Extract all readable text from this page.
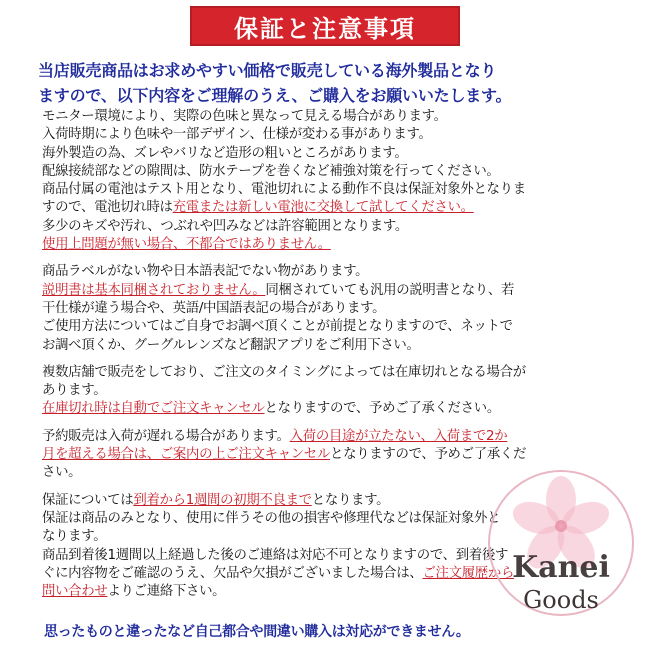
保証と注意事項
当店販売商品はお求めやすい価格で販売している海外製品となり
ますので、以下内容をご理解のうえ、ご購入をお願いいたします。
モニター環境により、実際の色味と異なって見える場合があります。
入荷時期により色味や一部デザイン、仕様が変わる事があります。
海外製造の為、ズレやバリなど造形の粗いところがあります。
配線接続部などの隙間は、防水テープを巻くなど補強対策を行ってください。
商品付属の電池はテスト用となり、電池切れによる動作不良は保証対象外となりま
すので、電池切れ時は充電または新しい電池に交換して試してください。
多少のキズや汚れ、つぶれや凹みなどは許容範囲となります。
使用上問題が無い場合、不都合ではありません。
商品ラベルがない物や日本語表記でない物があります。
説明書は基本同梱されておりません。同梱されていても汎用の説明書となり、若
干仕様が違う場合や、英語/中国語表記の場合があります。
ご使用方法についてはご自身でお調べ頂くことが前提となりますので、ネットで
お調べ頂くか、グーグルレンズなど翻訳アプリをご利用下さい。
複数店舗で販売をしており、ご注文のタイミングによっては在庫切れとなる場合が
あります。
在庫切れ時は自動でご注文キャンセルとなりますので、予めご了承ください。
予約販売は入荷が遅れる場合があります。入荷の目途が立たない、入荷まで2か
月を超える場合は、ご案内の上ご注文キャンセルとなりますので、予めご了承くだ
さい。
保証については到着から1週間の初期不良までとなります。
保証は商品のみとなり、使用に伴うその他の損害や修理代などは保証対象外と
なります。
商品到着後1週間以上経過した後のご連絡は対応不可となりますので、到着後す
ぐに内容物をご確認のうえ、欠品や欠損がございました場合は、ご注文履歴から
問い合わせよりご連絡下さい。
思ったものと違ったなど自己都合や間違い購入は対応ができません。
Kanei
Goods
